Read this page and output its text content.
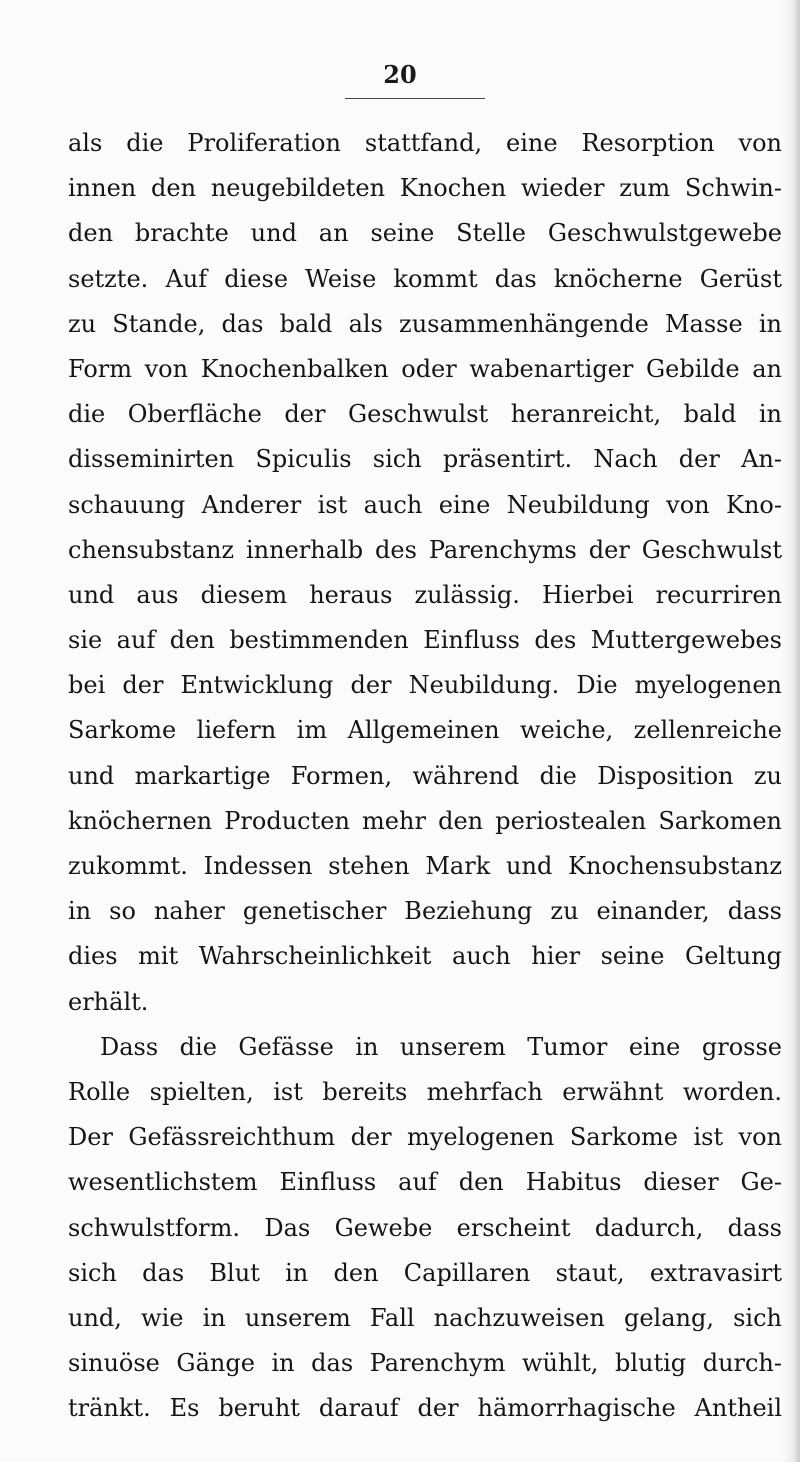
20
als die Proliferation stattfand, eine Resorption von
innen den neugebildeten Knochen wieder zum Schwin-
den brachte und an seine Stelle Geschwulstgewebe
setzte. Auf diese Weise kommt das knöcherne Gerüst
zu Stande, das bald als zusammenhängende Masse in
Form von Knochenbalken oder wabenartiger Gebilde an
die Oberfläche der Geschwulst heranreicht, bald in
disseminirten Spiculis sich präsentirt. Nach der An-
schauung Anderer ist auch eine Neubildung von Kno-
chensubstanz innerhalb des Parenchyms der Geschwulst
und aus diesem heraus zulässig. Hierbei recurriren
sie auf den bestimmenden Einfluss des Muttergewebes
bei der Entwicklung der Neubildung. Die myelogenen
Sarkome liefern im Allgemeinen weiche, zellenreiche
und markartige Formen, während die Disposition zu
knöchernen Producten mehr den periostealen Sarkomen
zukommt. Indessen stehen Mark und Knochensubstanz
in so naher genetischer Beziehung zu einander, dass
dies mit Wahrscheinlichkeit auch hier seine Geltung
erhält.
Dass die Gefässe in unserem Tumor eine grosse
Rolle spielten, ist bereits mehrfach erwähnt worden.
Der Gefässreichthum der myelogenen Sarkome ist von
wesentlichstem Einfluss auf den Habitus dieser Ge-
schwulstform. Das Gewebe erscheint dadurch, dass
sich das Blut in den Capillaren staut, extravasirt
und, wie in unserem Fall nachzuweisen gelang, sich
sinuöse Gänge in das Parenchym wühlt, blutig durch-
tränkt. Es beruht darauf der hämorrhagische Antheil
